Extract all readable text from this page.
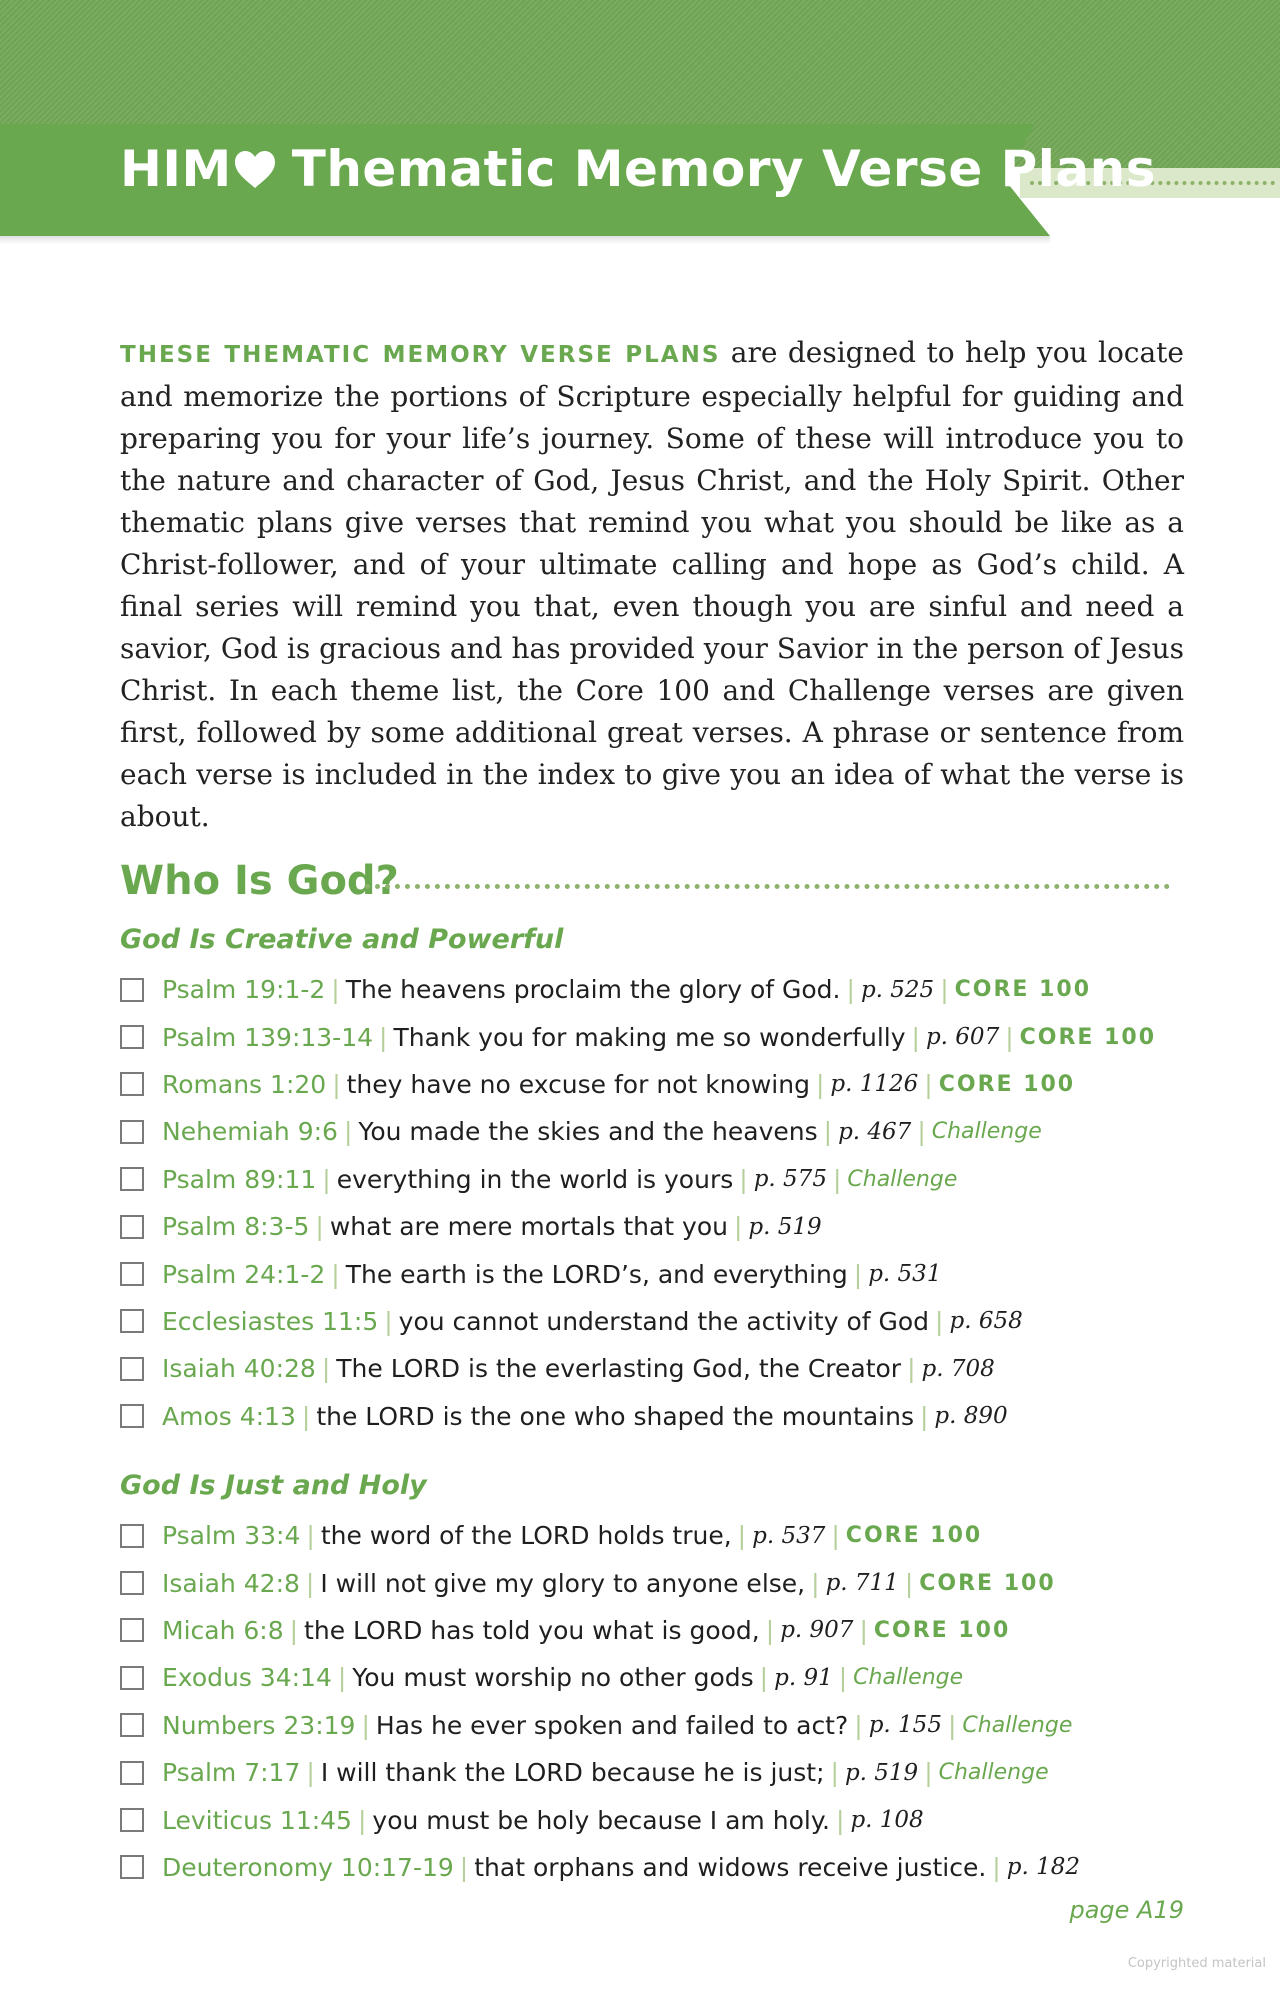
HIM Thematic Memory Verse Plans

THESE THEMATIC MEMORY VERSE PLANS are designed to help you locate and memorize the portions of Scripture especially helpful for guiding and preparing you for your life’s journey. Some of these will introduce you to the nature and character of God, Jesus Christ, and the Holy Spirit. Other thematic plans give verses that remind you what you should be like as a Christ-follower, and of your ultimate calling and hope as God’s child. A final series will remind you that, even though you are sinful and need a savior, God is gracious and has provided your Savior in the person of Jesus Christ. In each theme list, the Core 100 and Challenge verses are given first, followed by some additional great verses. A phrase or sentence from each verse is included in the index to give you an idea of what the verse is about.

Who Is God?
God Is Creative and Powerful
Psalm 19:1-2 | The heavens proclaim the glory of God. | p. 525 | CORE 100
Psalm 139:13-14 | Thank you for making me so wonderfully | p. 607 | CORE 100
Romans 1:20 | they have no excuse for not knowing | p. 1126 | CORE 100
Nehemiah 9:6 | You made the skies and the heavens | p. 467 | Challenge
Psalm 89:11 | everything in the world is yours | p. 575 | Challenge
Psalm 8:3-5 | what are mere mortals that you | p. 519
Psalm 24:1-2 | The earth is the LORD’s, and everything | p. 531
Ecclesiastes 11:5 | you cannot understand the activity of God | p. 658
Isaiah 40:28 | The LORD is the everlasting God, the Creator | p. 708
Amos 4:13 | the LORD is the one who shaped the mountains | p. 890
God Is Just and Holy
Psalm 33:4 | the word of the LORD holds true, | p. 537 | CORE 100
Isaiah 42:8 | I will not give my glory to anyone else, | p. 711 | CORE 100
Micah 6:8 | the LORD has told you what is good, | p. 907 | CORE 100
Exodus 34:14 | You must worship no other gods | p. 91 | Challenge
Numbers 23:19 | Has he ever spoken and failed to act? | p. 155 | Challenge
Psalm 7:17 | I will thank the LORD because he is just; | p. 519 | Challenge
Leviticus 11:45 | you must be holy because I am holy. | p. 108
Deuteronomy 10:17-19 | that orphans and widows receive justice. | p. 182

page A19

Copyrighted material
